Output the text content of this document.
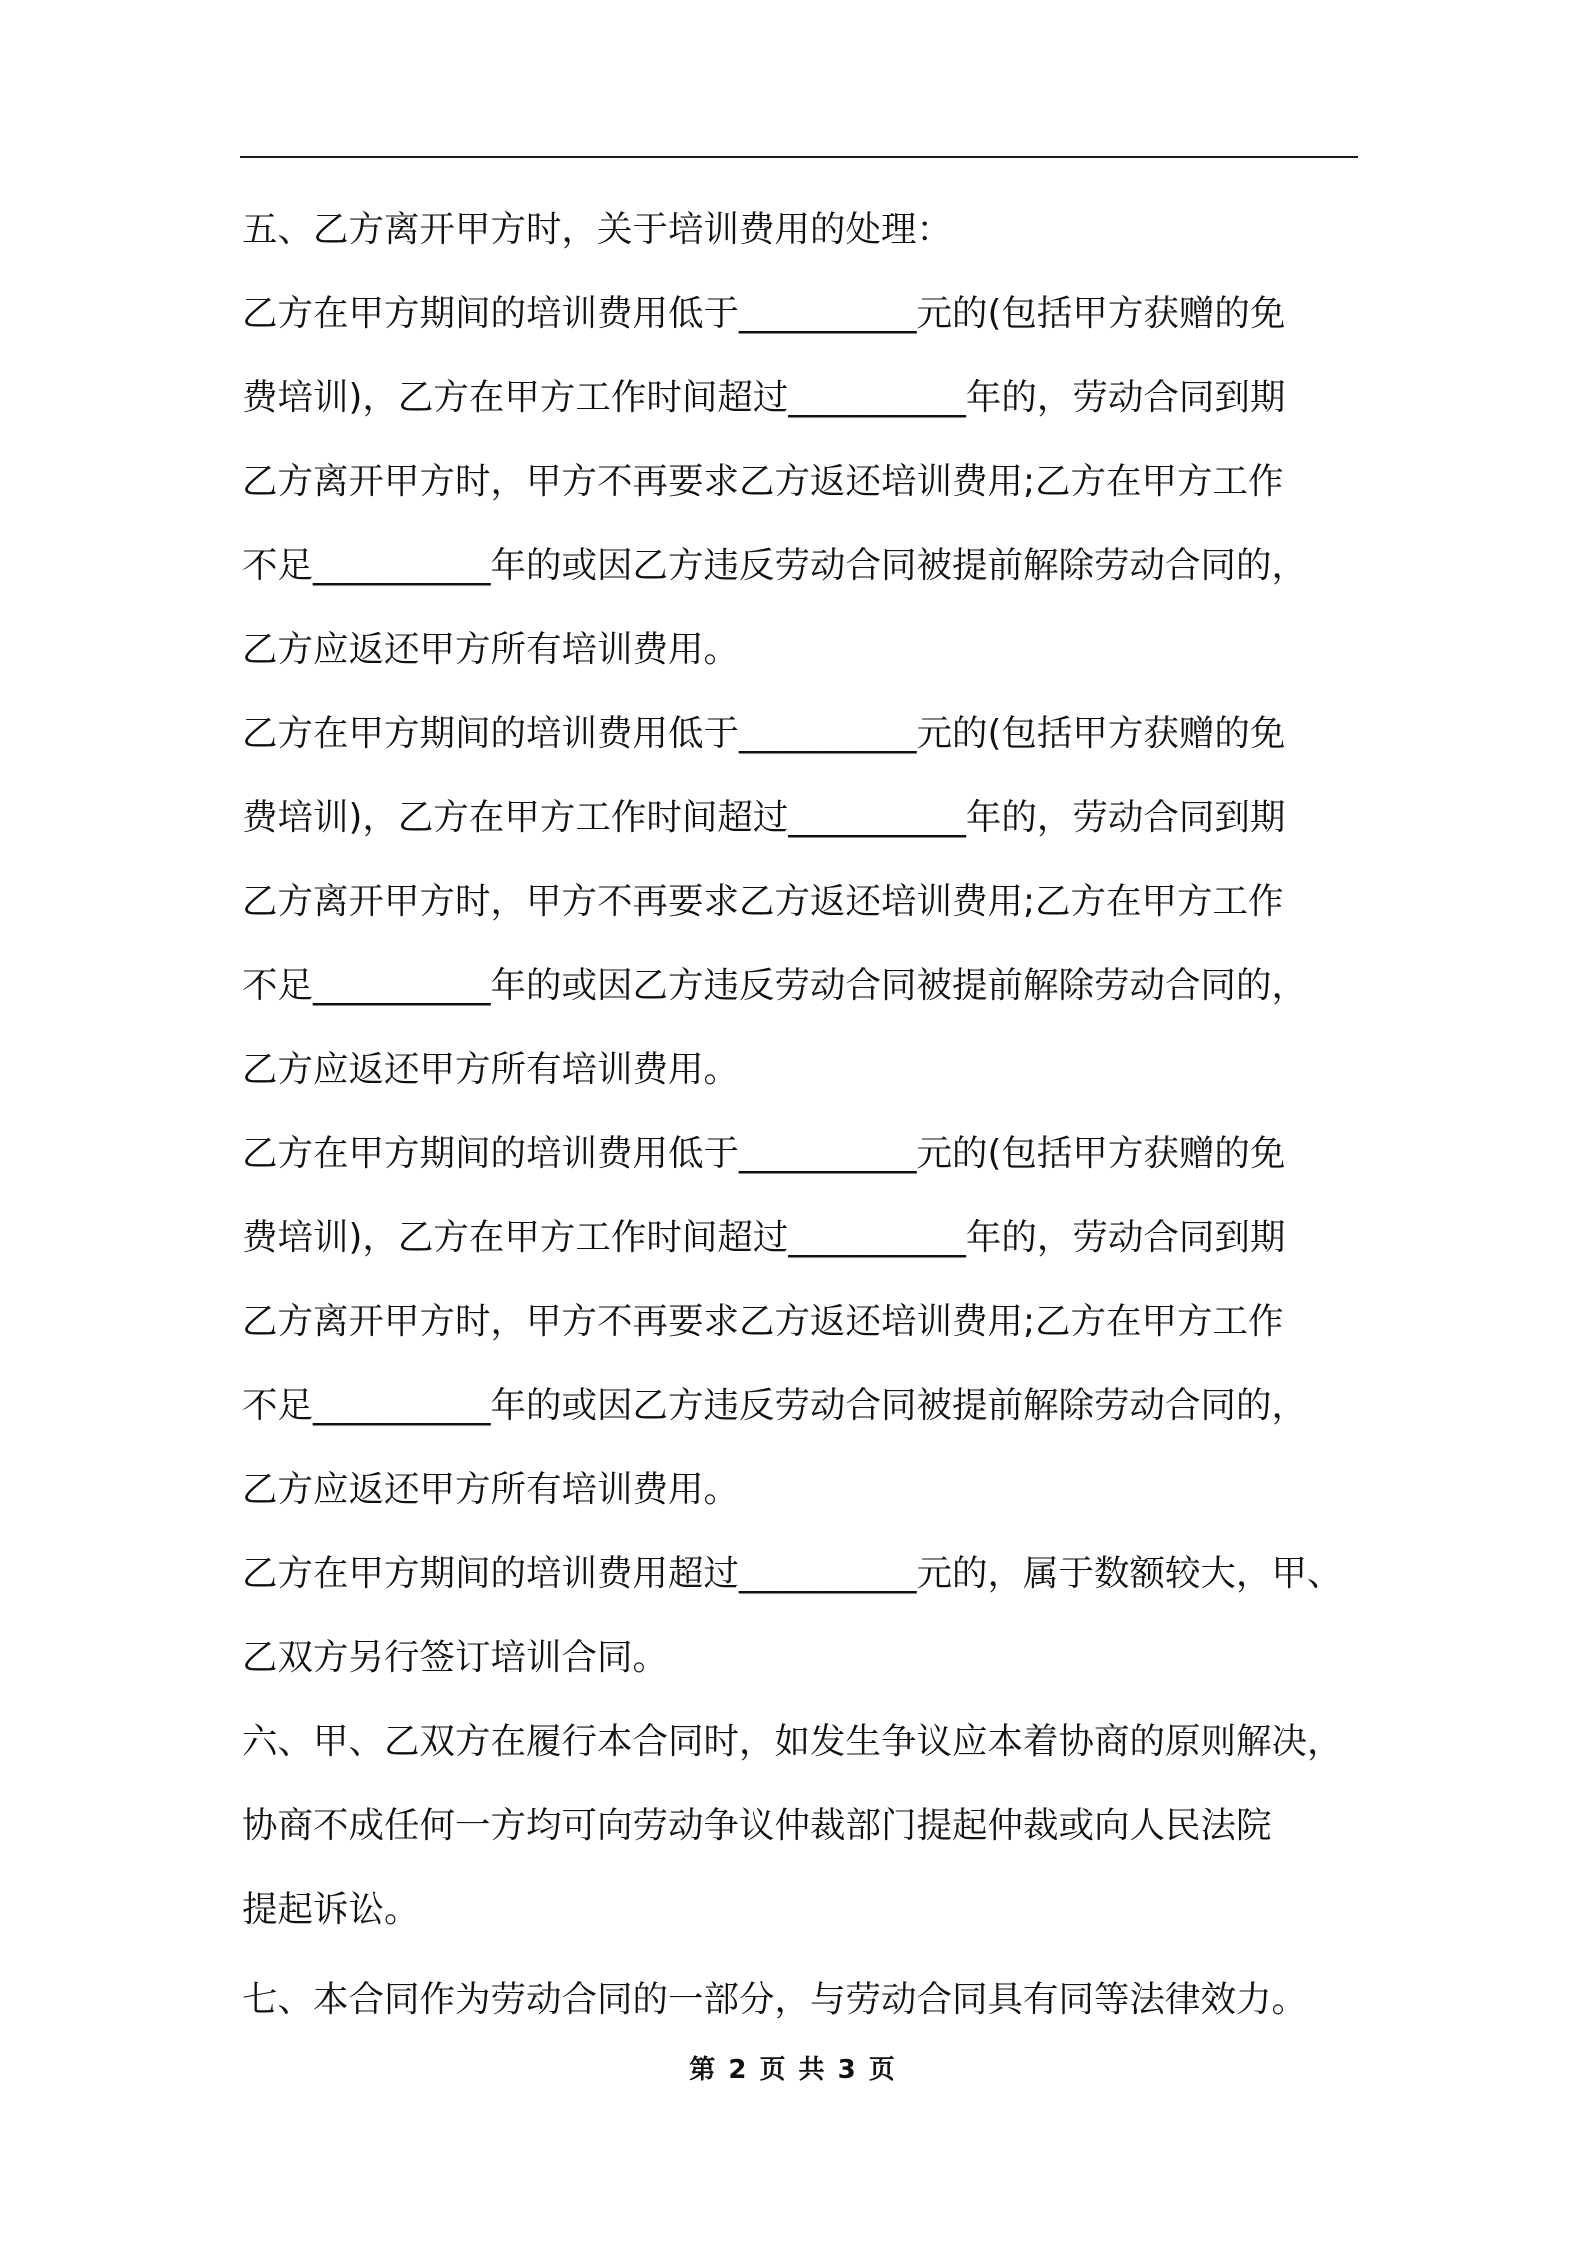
五、乙方离开甲方时，关于培训费用的处理：
乙方在甲方期间的培训费用低于__________元的(包括甲方获赠的免
费培训)，乙方在甲方工作时间超过__________年的，劳动合同到期
乙方离开甲方时，甲方不再要求乙方返还培训费用;乙方在甲方工作
不足__________年的或因乙方违反劳动合同被提前解除劳动合同的，
乙方应返还甲方所有培训费用。
乙方在甲方期间的培训费用低于__________元的(包括甲方获赠的免
费培训)，乙方在甲方工作时间超过__________年的，劳动合同到期
乙方离开甲方时，甲方不再要求乙方返还培训费用;乙方在甲方工作
不足__________年的或因乙方违反劳动合同被提前解除劳动合同的，
乙方应返还甲方所有培训费用。
乙方在甲方期间的培训费用低于__________元的(包括甲方获赠的免
费培训)，乙方在甲方工作时间超过__________年的，劳动合同到期
乙方离开甲方时，甲方不再要求乙方返还培训费用;乙方在甲方工作
不足__________年的或因乙方违反劳动合同被提前解除劳动合同的，
乙方应返还甲方所有培训费用。
乙方在甲方期间的培训费用超过__________元的，属于数额较大，甲、
乙双方另行签订培训合同。
六、甲、乙双方在履行本合同时，如发生争议应本着协商的原则解决，
协商不成任何一方均可向劳动争议仲裁部门提起仲裁或向人民法院
提起诉讼。
七、本合同作为劳动合同的一部分，与劳动合同具有同等法律效力。
第 2 页 共 3 页
